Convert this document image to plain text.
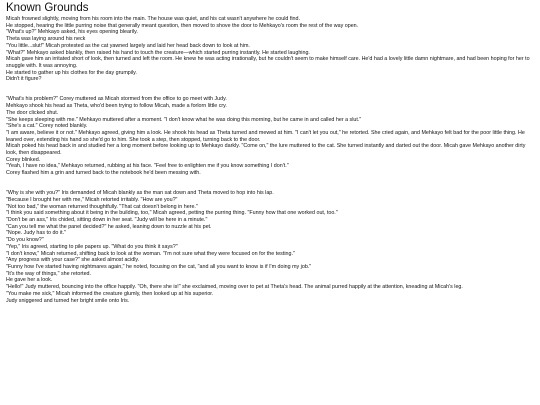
Known Grounds

Micah frowned slightly, moving from his room into the main. The house was quiet, and his cat wasn't anywhere he could find.

He stopped, hearing the little purring noise that generally meant question, then moved to shove the door to Mehkayo's room the rest of the way open.

"What's up?" Mehkayo asked, his eyes opening blearily.

Theta was laying around his neck

"You little...slut!" Micah protested as the cat yawned largely and laid her head back down to look at him.

"What?" Mehkayo asked blankly, then raised his hand to touch the creature—which started purring instantly. He started laughing.

Micah gave him an irritated short of look, then turned and left the room. He knew he was acting irrationally, but he couldn't seem to make himself care. He'd had a lovely little damn nightmare, and had been hoping for her to snuggle with. It was annoying.

He started to gather up his clothes for the day grumpily.

Didn't it figure?

"What's his problem?" Corey muttered as Micah stormed from the office to go meet with Judy.

Mehkayo shook his head as Theta, who'd been trying to follow Micah, made a forlorn little cry.

The door clicked shut.

"She keeps sleeping with me." Mehkayo muttered after a moment. "I don't know what he was doing this morning, but he came in and called her a slut."

"She's a cat." Corey noted blankly.

"I am aware, believe it or not." Mehkayo agreed, giving him a look. He shook his head as Theta turned and mewed at him. "I can't let you out," he retorted. She cried again, and Mehkayo felt bad for the poor little thing. He leaned over, extending his hand so she'd go to him. She took a step, then stopped, turning back to the door.

Micah poked his head back in and studied her a long moment before looking up to Mehkayo darkly. "Come on," the lure muttered to the cat. She turned instantly and darted out the door. Micah gave Mehkayo another dirty look, then disappeared.

Corey blinked.

"Yeah, I have no idea," Mehkayo returned, rubbing at his face. "Feel free to enlighten me if you know something I don't."

Corey flashed him a grin and turned back to the notebook he'd been messing with.

"Why is she with you?" Iris demanded of Micah blankly as the man sat down and Theta moved to hop into his lap.

"Because I brought her with me," Micah retorted irritably. "How are you?"

"Not too bad," the woman returned thoughtfully. "That cat doesn't belong in here."

"I think you said something about it being in the building, too," Micah agreed, petting the purring thing. "Funny how that one worked out, too."

"Don't be an ass," Iris chided, sitting down in her seat. "Judy will be here in a minute."

"Can you tell me what the panel decided?" he asked, leaning down to nuzzle at his pet.

"Nope. Judy has to do it."

"Do you know?"

"Yep," Iris agreed, starting to pile papers up. "What do you think it says?"

"I don't know," Micah returned, shifting back to look at the woman. "I'm not sure what they were focused on for the testing."

"Any progress with your case?" she asked almost acidly.

"Funny how I've started having nightmares again," he noted, focusing on the cat, "and all you want to know is if I'm doing my job."

"It's the way of things," she retorted.

He gave her a look.

"Hello!" Judy muttered, bouncing into the office happily. "Oh, there she is!" she exclaimed, moving over to pet at Theta's head. The animal purred happily at the attention, kneading at Micah's leg.

"You make me sick," Micah informed the creature glumly, then looked up at his superior.

Judy sniggered and turned her bright smile onto Iris.
